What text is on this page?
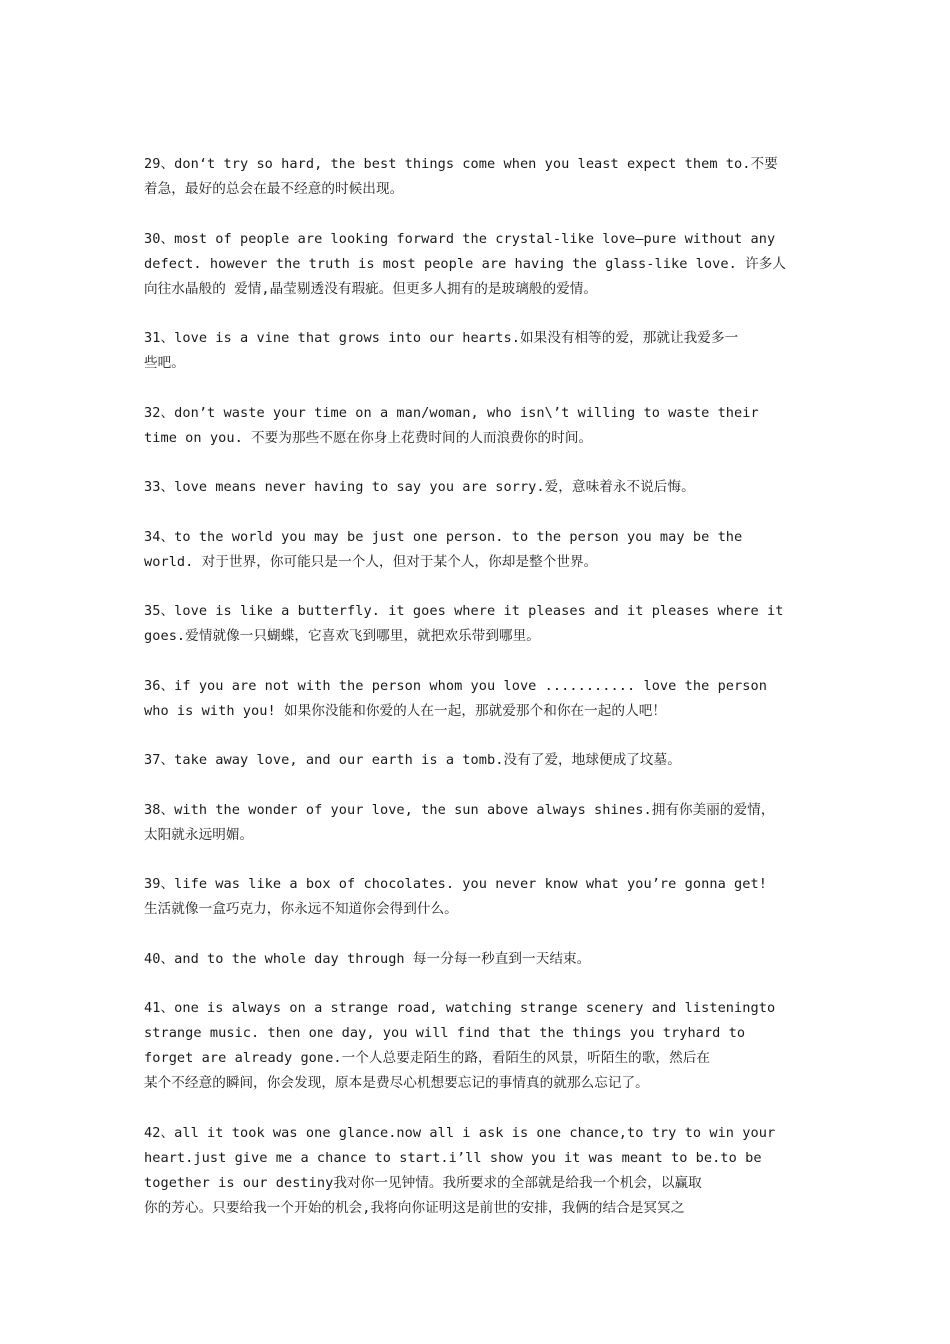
29、don‘t try so hard, the best things come when you least expect them to.不要
着急，最好的总会在最不经意的时候出现。

30、most of people are looking forward the crystal-like love—pure without any
defect. however the truth is most people are having the glass-like love. 许多人
向往水晶般的 爱情,晶莹剔透没有瑕疵。但更多人拥有的是玻璃般的爱情。

31、love is a vine that grows into our hearts.如果没有相等的爱，那就让我爱多一
些吧。

32、don’t waste your time on a man/woman, who isn\’t willing to waste their
time on you. 不要为那些不愿在你身上花费时间的人而浪费你的时间。

33、love means never having to say you are sorry.爱，意味着永不说后悔。

34、to the world you may be just one person. to the person you may be the
world. 对于世界，你可能只是一个人，但对于某个人，你却是整个世界。

35、love is like a butterfly. it goes where it pleases and it pleases where it
goes.爱情就像一只蝴蝶，它喜欢飞到哪里，就把欢乐带到哪里。

36、if you are not with the person whom you love ........... love the person
who is with you! 如果你没能和你爱的人在一起，那就爱那个和你在一起的人吧！

37、take away love, and our earth is a tomb.没有了爱，地球便成了坟墓。

38、with the wonder of your love, the sun above always shines.拥有你美丽的爱情，
太阳就永远明媚。

39、life was like a box of chocolates. you never know what you’re gonna get!
生活就像一盒巧克力，你永远不知道你会得到什么。

40、and to the whole day through 每一分每一秒直到一天结束。

41、one is always on a strange road, watching strange scenery and listeningto
strange music. then one day, you will find that the things you tryhard to
forget are already gone.一个人总要走陌生的路，看陌生的风景，听陌生的歌，然后在
某个不经意的瞬间，你会发现，原本是费尽心机想要忘记的事情真的就那么忘记了。

42、all it took was one glance.now all i ask is one chance,to try to win your
heart.just give me a chance to start.i’ll show you it was meant to be.to be
together is our destiny我对你一见钟情。我所要求的全部就是给我一个机会，以赢取
你的芳心。只要给我一个开始的机会,我将向你证明这是前世的安排，我俩的结合是冥冥之
